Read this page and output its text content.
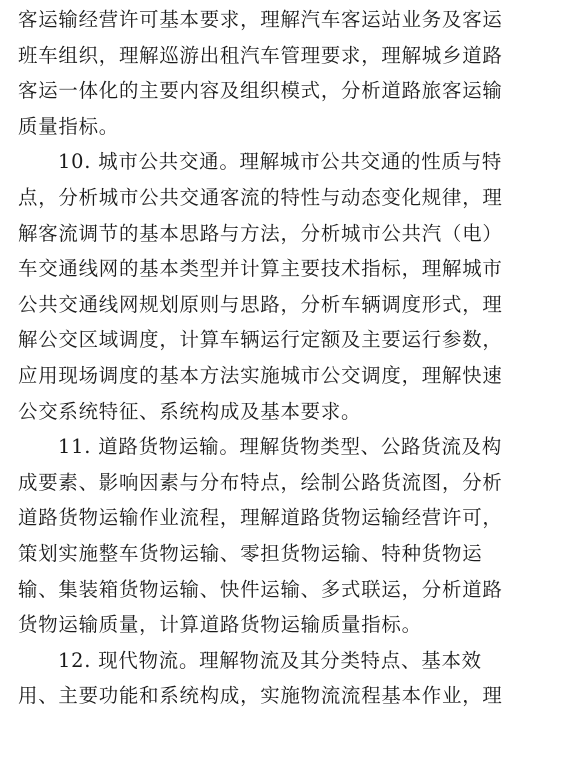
客运输经营许可基本要求，理解汽车客运站业务及客运
班车组织，理解巡游出租汽车管理要求，理解城乡道路
客运一体化的主要内容及组织模式，分析道路旅客运输
质量指标。
10. 城市公共交通。理解城市公共交通的性质与特
点，分析城市公共交通客流的特性与动态变化规律，理
解客流调节的基本思路与方法，分析城市公共汽（电）
车交通线网的基本类型并计算主要技术指标，理解城市
公共交通线网规划原则与思路，分析车辆调度形式，理
解公交区域调度，计算车辆运行定额及主要运行参数，
应用现场调度的基本方法实施城市公交调度，理解快速
公交系统特征、系统构成及基本要求。
11. 道路货物运输。理解货物类型、公路货流及构
成要素、影响因素与分布特点，绘制公路货流图，分析
道路货物运输作业流程，理解道路货物运输经营许可，
策划实施整车货物运输、零担货物运输、特种货物运
输、集装箱货物运输、快件运输、多式联运，分析道路
货物运输质量，计算道路货物运输质量指标。
12. 现代物流。理解物流及其分类特点、基本效
用、主要功能和系统构成，实施物流流程基本作业，理
